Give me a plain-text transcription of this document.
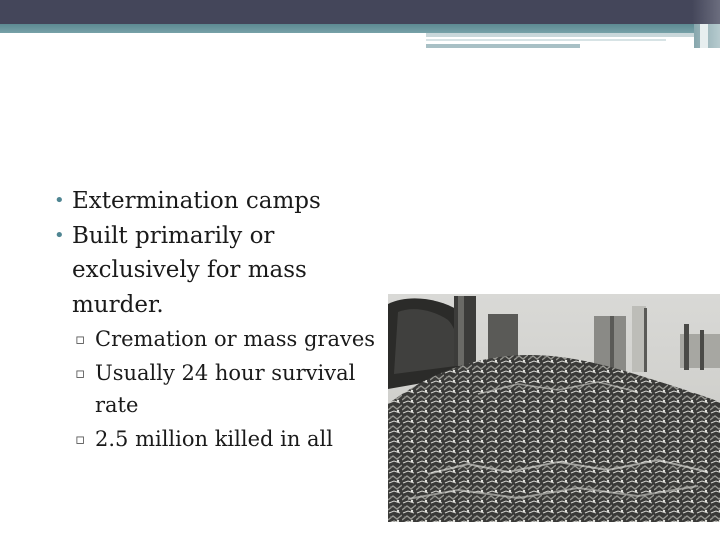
• Extermination camps
• Built primarily or exclusively for mass murder.
▫ Cremation or mass graves
▫ Usually 24 hour survival rate
▫ 2.5 million killed in all
